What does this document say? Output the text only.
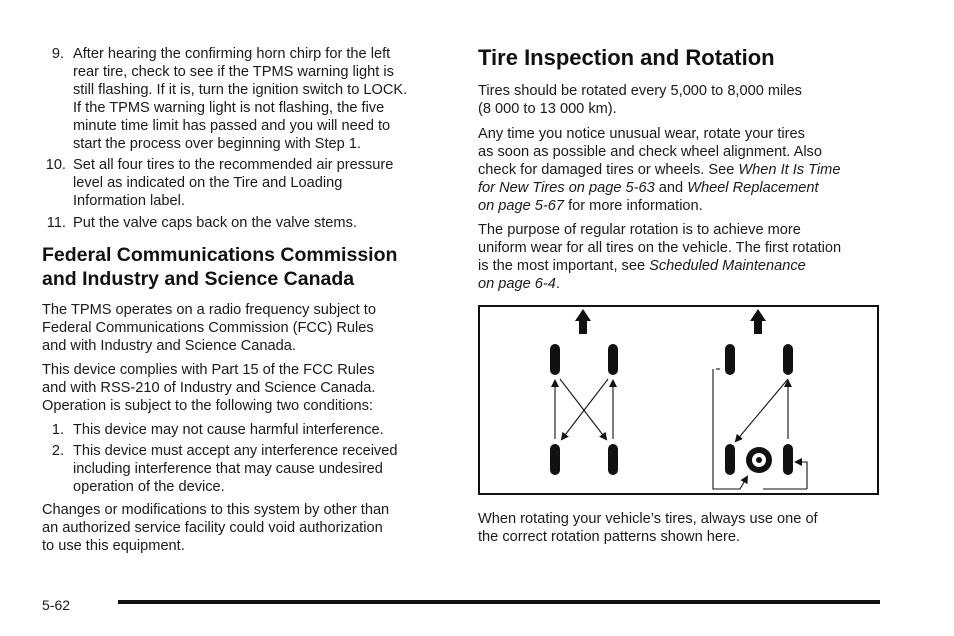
9. After hearing the confirming horn chirp for the left
rear tire, check to see if the TPMS warning light is
still flashing. If it is, turn the ignition switch to LOCK.
If the TPMS warning light is not flashing, the five
minute time limit has passed and you will need to
start the process over beginning with Step 1.
10. Set all four tires to the recommended air pressure
level as indicated on the Tire and Loading
Information label.
11. Put the valve caps back on the valve stems.
Federal Communications Commission
and Industry and Science Canada
The TPMS operates on a radio frequency subject to
Federal Communications Commission (FCC) Rules
and with Industry and Science Canada.
This device complies with Part 15 of the FCC Rules
and with RSS-210 of Industry and Science Canada.
Operation is subject to the following two conditions:
1. This device may not cause harmful interference.
2. This device must accept any interference received
including interference that may cause undesired
operation of the device.
Changes or modifications to this system by other than
an authorized service facility could void authorization
to use this equipment.
Tire Inspection and Rotation
Tires should be rotated every 5,000 to 8,000 miles
(8 000 to 13 000 km).
Any time you notice unusual wear, rotate your tires
as soon as possible and check wheel alignment. Also
check for damaged tires or wheels. See When It Is Time
for New Tires on page 5-63 and Wheel Replacement
on page 5-67 for more information.
The purpose of regular rotation is to achieve more
uniform wear for all tires on the vehicle. The first rotation
is the most important, see Scheduled Maintenance
on page 6-4.
When rotating your vehicle’s tires, always use one of
the correct rotation patterns shown here.
5-62
